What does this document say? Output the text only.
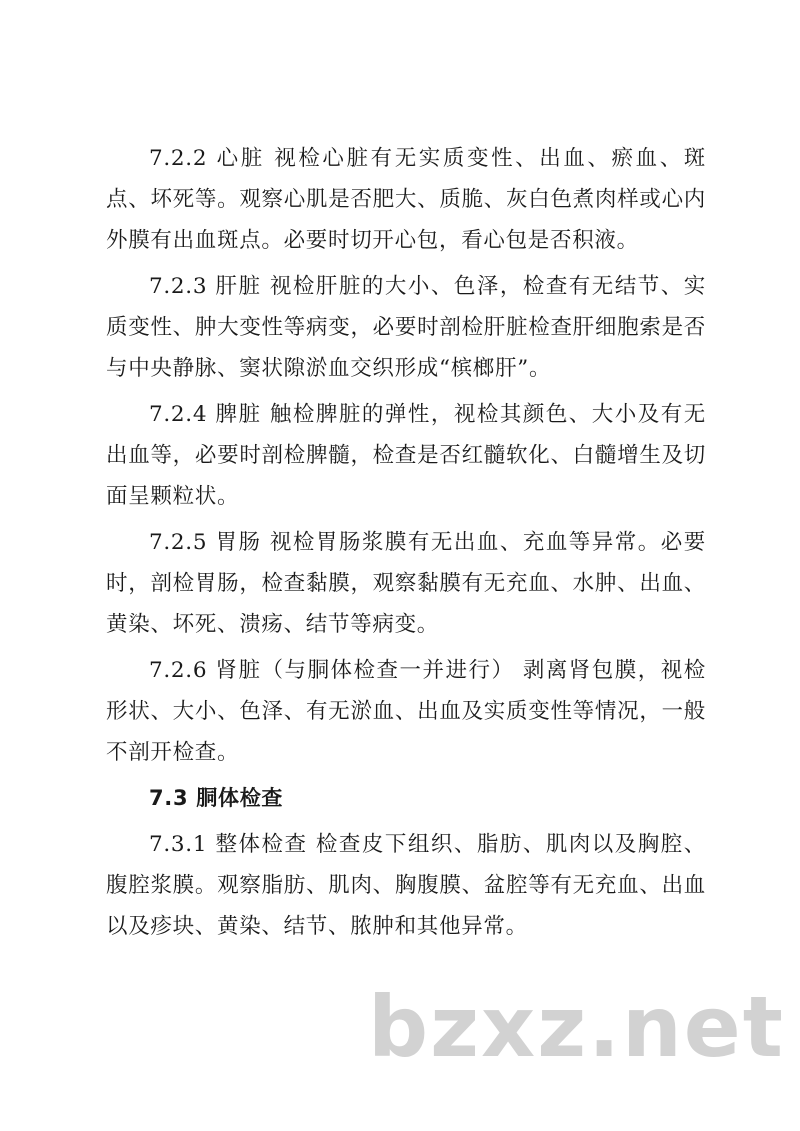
7.2.2 心脏 视检心脏有无实质变性、出血、瘀血、斑点、坏死等。观察心肌是否肥大、质脆、灰白色煮肉样或心内外膜有出血斑点。必要时切开心包，看心包是否积液。

7.2.3 肝脏 视检肝脏的大小、色泽，检查有无结节、实质变性、肿大变性等病变，必要时剖检肝脏检查肝细胞索是否与中央静脉、窦状隙淤血交织形成“槟榔肝”。

7.2.4 脾脏 触检脾脏的弹性，视检其颜色、大小及有无出血等，必要时剖检脾髓，检查是否红髓软化、白髓增生及切面呈颗粒状。

7.2.5 胃肠 视检胃肠浆膜有无出血、充血等异常。必要时，剖检胃肠，检查黏膜，观察黏膜有无充血、水肿、出血、黄染、坏死、溃疡、结节等病变。

7.2.6 肾脏（与胴体检查一并进行） 剥离肾包膜，视检形状、大小、色泽、有无淤血、出血及实质变性等情况，一般不剖开检查。

7.3 胴体检查

7.3.1 整体检查 检查皮下组织、脂肪、肌肉以及胸腔、腹腔浆膜。观察脂肪、肌肉、胸腹膜、盆腔等有无充血、出血以及疹块、黄染、结节、脓肿和其他异常。

bzxz.net
